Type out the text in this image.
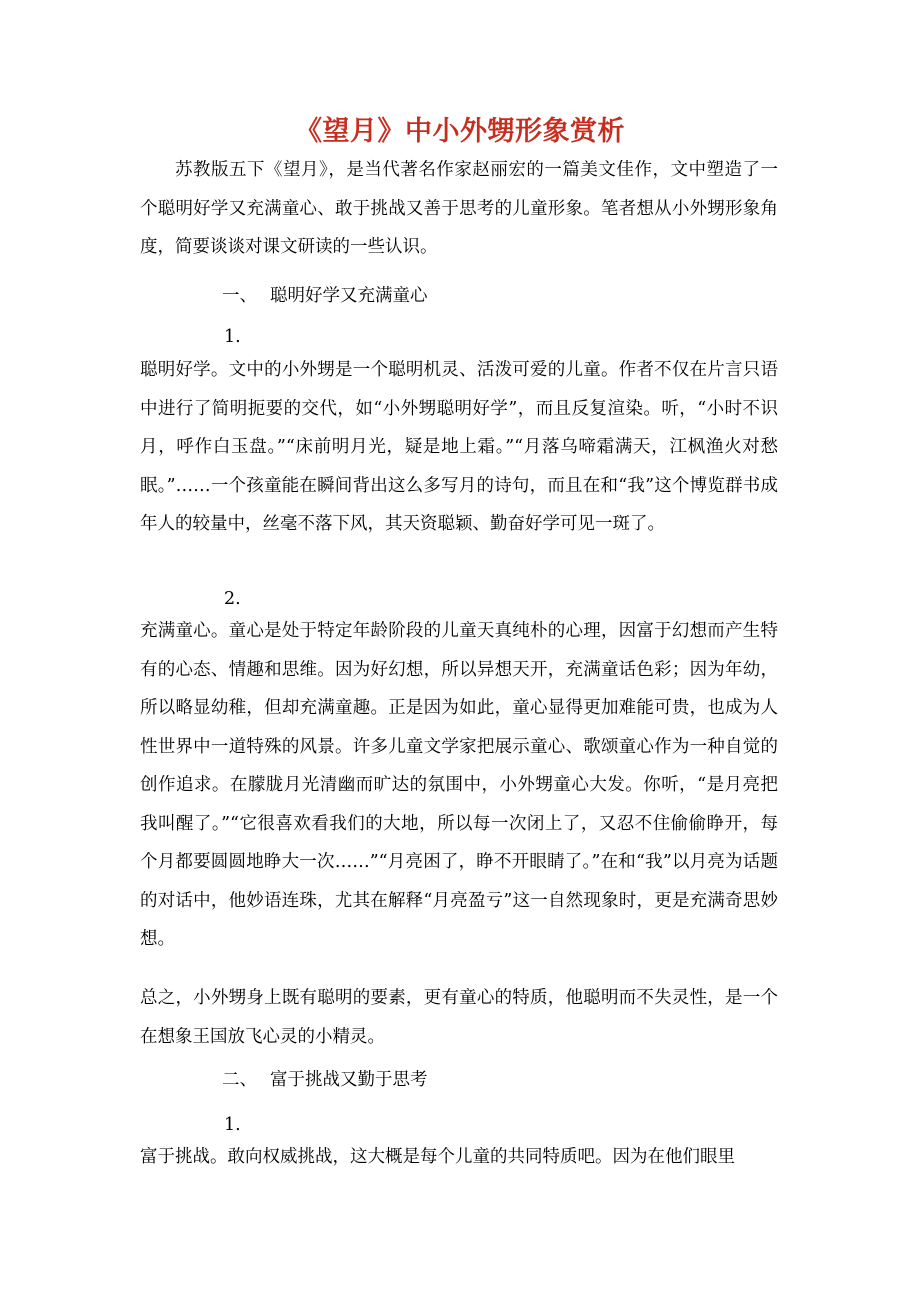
《望月》中小外甥形象赏析

苏教版五下《望月》，是当代著名作家赵丽宏的一篇美文佳作，文中塑造了一个聪明好学又充满童心、敢于挑战又善于思考的儿童形象。笔者想从小外甥形象角度，简要谈谈对课文研读的一些认识。

一、 聪明好学又充满童心

1.

聪明好学。文中的小外甥是一个聪明机灵、活泼可爱的儿童。作者不仅在片言只语中进行了简明扼要的交代，如“小外甥聪明好学”，而且反复渲染。听，“小时不识月，呼作白玉盘。”“床前明月光，疑是地上霜。”“月落乌啼霜满天，江枫渔火对愁眠。”……一个孩童能在瞬间背出这么多写月的诗句，而且在和“我”这个博览群书成年人的较量中，丝毫不落下风，其天资聪颖、勤奋好学可见一斑了。

2.

充满童心。童心是处于特定年龄阶段的儿童天真纯朴的心理，因富于幻想而产生特有的心态、情趣和思维。因为好幻想，所以异想天开，充满童话色彩；因为年幼，所以略显幼稚，但却充满童趣。正是因为如此，童心显得更加难能可贵，也成为人性世界中一道特殊的风景。许多儿童文学家把展示童心、歌颂童心作为一种自觉的创作追求。在朦胧月光清幽而旷达的氛围中，小外甥童心大发。你听，“是月亮把我叫醒了。”“它很喜欢看我们的大地，所以每一次闭上了，又忍不住偷偷睁开，每个月都要圆圆地睁大一次……”“月亮困了，睁不开眼睛了。”在和“我”以月亮为话题的对话中，他妙语连珠，尤其在解释“月亮盈亏”这一自然现象时，更是充满奇思妙想。

总之，小外甥身上既有聪明的要素，更有童心的特质，他聪明而不失灵性，是一个在想象王国放飞心灵的小精灵。

二、 富于挑战又勤于思考

1.

富于挑战。敢向权威挑战，这大概是每个儿童的共同特质吧。因为在他们眼里
